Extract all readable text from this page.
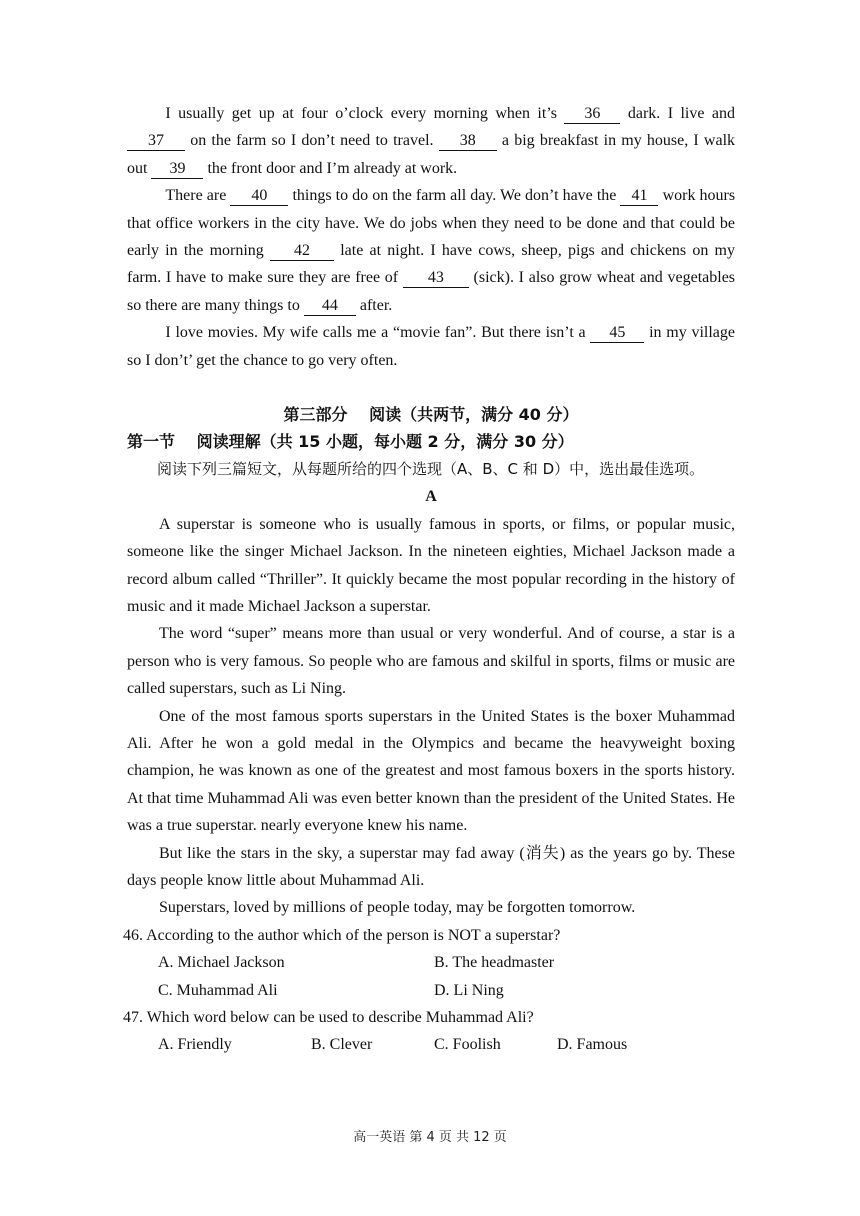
I usually get up at four o’clock every morning when it’s 36 dark. I live and 37 on the farm so I don’t need to travel. 38 a big breakfast in my house, I walk out 39 the front door and I’m already at work.

There are 40 things to do on the farm all day. We don’t have the 41 work hours that office workers in the city have. We do jobs when they need to be done and that could be early in the morning 42 late at night. I have cows, sheep, pigs and chickens on my farm. I have to make sure they are free of 43 (sick). I also grow wheat and vegetables so there are many things to 44 after.

I love movies. My wife calls me a “movie fan”. But there isn’t a 45 in my village so I don’t’ get the chance to go very often.

第三部分　 阅读（共两节，满分 40 分）

第一节　 阅读理解（共 15 小题，每小题 2 分，满分 30 分）

阅读下列三篇短文，从每题所给的四个选现（A、B、C 和 D）中，选出最佳选项。

A

A superstar is someone who is usually famous in sports, or films, or popular music, someone like the singer Michael Jackson. In the nineteen eighties, Michael Jackson made a record album called “Thriller”. It quickly became the most popular recording in the history of music and it made Michael Jackson a superstar.

The word “super” means more than usual or very wonderful. And of course, a star is a person who is very famous. So people who are famous and skilful in sports, films or music are called superstars, such as Li Ning.

One of the most famous sports superstars in the United States is the boxer Muhammad Ali. After he won a gold medal in the Olympics and became the heavyweight boxing champion, he was known as one of the greatest and most famous boxers in the sports history. At that time Muhammad Ali was even better known than the president of the United States. He was a true superstar. nearly everyone knew his name.

But like the stars in the sky, a superstar may fad away (消失) as the years go by. These days people know little about Muhammad Ali.

Superstars, loved by millions of people today, may be forgotten tomorrow.

46. According to the author which of the person is NOT a superstar?

A. Michael Jackson	B. The headmaster
C. Muhammad Ali	D. Li Ning

47. Which word below can be used to describe Muhammad Ali?

A. Friendly	B. Clever	C. Foolish	D. Famous
高一英语 第 4 页 共 12 页
